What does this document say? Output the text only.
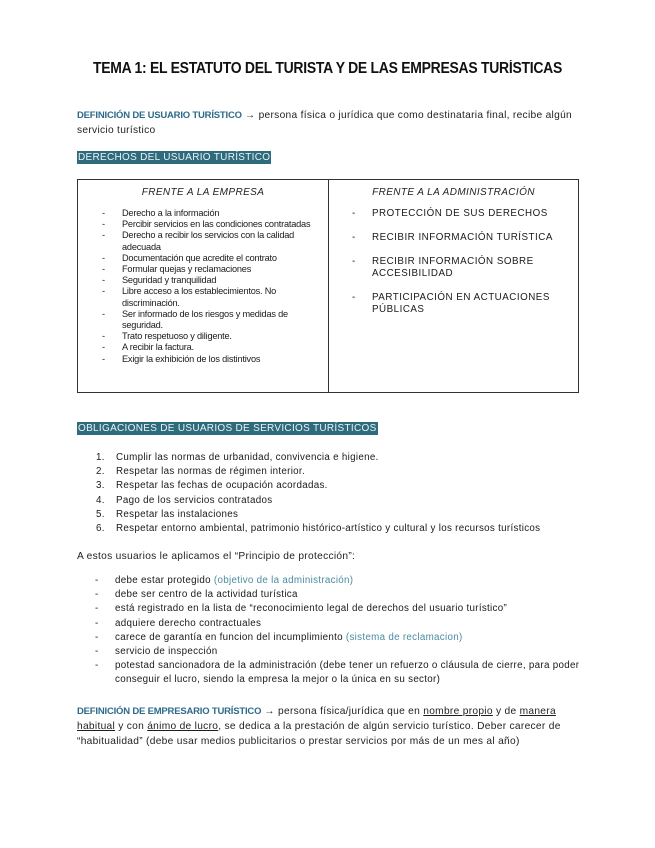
TEMA 1: EL ESTATUTO DEL TURISTA Y DE LAS EMPRESAS TURÍSTICAS
DEFINICIÓN DE USUARIO TURÍSTICO → persona física o jurídica que como destinataria final, recibe algún servicio turístico
DERECHOS DEL USUARIO TURÍSTICO
FRENTE A LA EMPRESA
- Derecho a la información
- Percibir servicios en las condiciones contratadas
- Derecho a recibir los servicios con la calidad adecuada
- Documentación que acredite el contrato
- Formular quejas y reclamaciones
- Seguridad y tranquilidad
- Libre acceso a los establecimientos. No discriminación.
- Ser informado de los riesgos y medidas de seguridad.
- Trato respetuoso y diligente.
- A recibir la factura.
- Exigir la exhibición de los distintivos
FRENTE A LA ADMINISTRACIÓN
- PROTECCIÓN DE SUS DERECHOS
- RECIBIR INFORMACIÓN TURÍSTICA
- RECIBIR INFORMACIÓN SOBRE ACCESIBILIDAD
- PARTICIPACIÓN EN ACTUACIONES PÚBLICAS
OBLIGACIONES DE USUARIOS DE SERVICIOS TURÍSTICOS
1. Cumplir las normas de urbanidad, convivencia e higiene.
2. Respetar las normas de régimen interior.
3. Respetar las fechas de ocupación acordadas.
4. Pago de los servicios contratados
5. Respetar las instalaciones
6. Respetar entorno ambiental, patrimonio histórico-artístico y cultural y los recursos turísticos
A estos usuarios le aplicamos el “Principio de protección”:
- debe estar protegido (objetivo de la administración)
- debe ser centro de la actividad turística
- está registrado en la lista de “reconocimiento legal de derechos del usuario turístico”
- adquiere derecho contractuales
- carece de garantía en funcion del incumplimiento (sistema de reclamacion)
- servicio de inspección
- potestad sancionadora de la administración (debe tener un refuerzo o cláusula de cierre, para poder conseguir el lucro, siendo la empresa la mejor o la única en su sector)
DEFINICIÓN DE EMPRESARIO TURÍSTICO → persona física/jurídica que en nombre propio y de manera habitual y con ánimo de lucro, se dedica a la prestación de algún servicio turístico. Deber carecer de “habitualidad” (debe usar medios publicitarios o prestar servicios por más de un mes al año)
